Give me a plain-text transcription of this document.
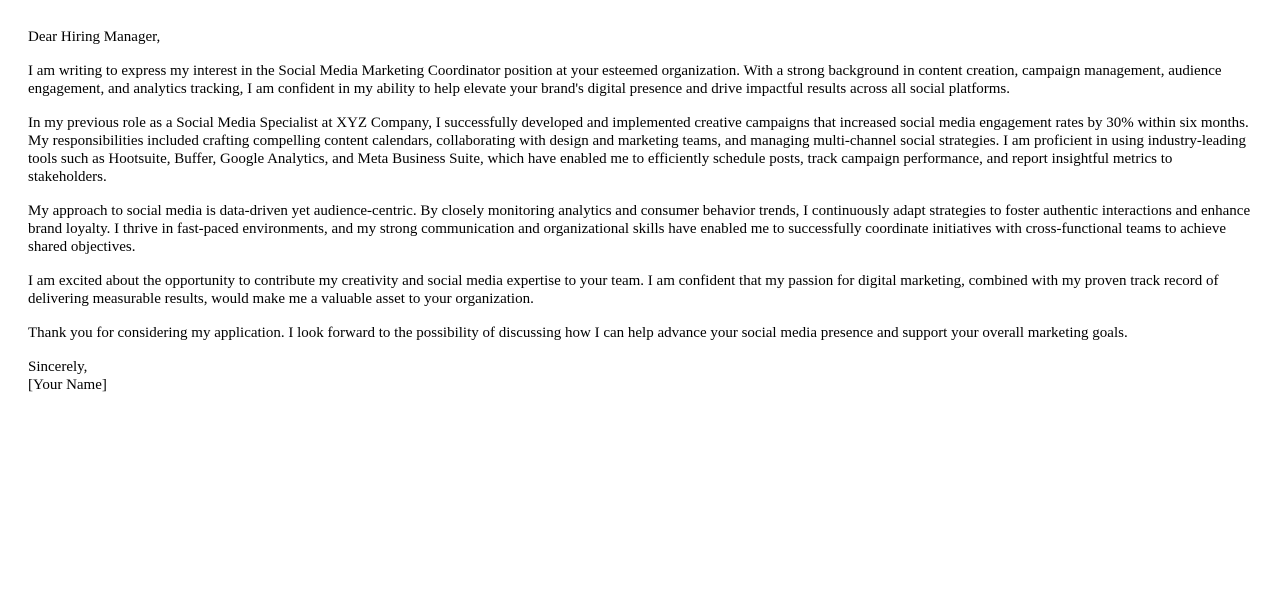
Dear Hiring Manager,

I am writing to express my interest in the Social Media Marketing Coordinator position at your esteemed organization. With a strong background in content creation, campaign management, audience engagement, and analytics tracking, I am confident in my ability to help elevate your brand's digital presence and drive impactful results across all social platforms.

In my previous role as a Social Media Specialist at XYZ Company, I successfully developed and implemented creative campaigns that increased social media engagement rates by 30% within six months. My responsibilities included crafting compelling content calendars, collaborating with design and marketing teams, and managing multi-channel social strategies. I am proficient in using industry-leading tools such as Hootsuite, Buffer, Google Analytics, and Meta Business Suite, which have enabled me to efficiently schedule posts, track campaign performance, and report insightful metrics to stakeholders.

My approach to social media is data-driven yet audience-centric. By closely monitoring analytics and consumer behavior trends, I continuously adapt strategies to foster authentic interactions and enhance brand loyalty. I thrive in fast-paced environments, and my strong communication and organizational skills have enabled me to successfully coordinate initiatives with cross-functional teams to achieve shared objectives.

I am excited about the opportunity to contribute my creativity and social media expertise to your team. I am confident that my passion for digital marketing, combined with my proven track record of delivering measurable results, would make me a valuable asset to your organization.

Thank you for considering my application. I look forward to the possibility of discussing how I can help advance your social media presence and support your overall marketing goals.

Sincerely,
[Your Name]
